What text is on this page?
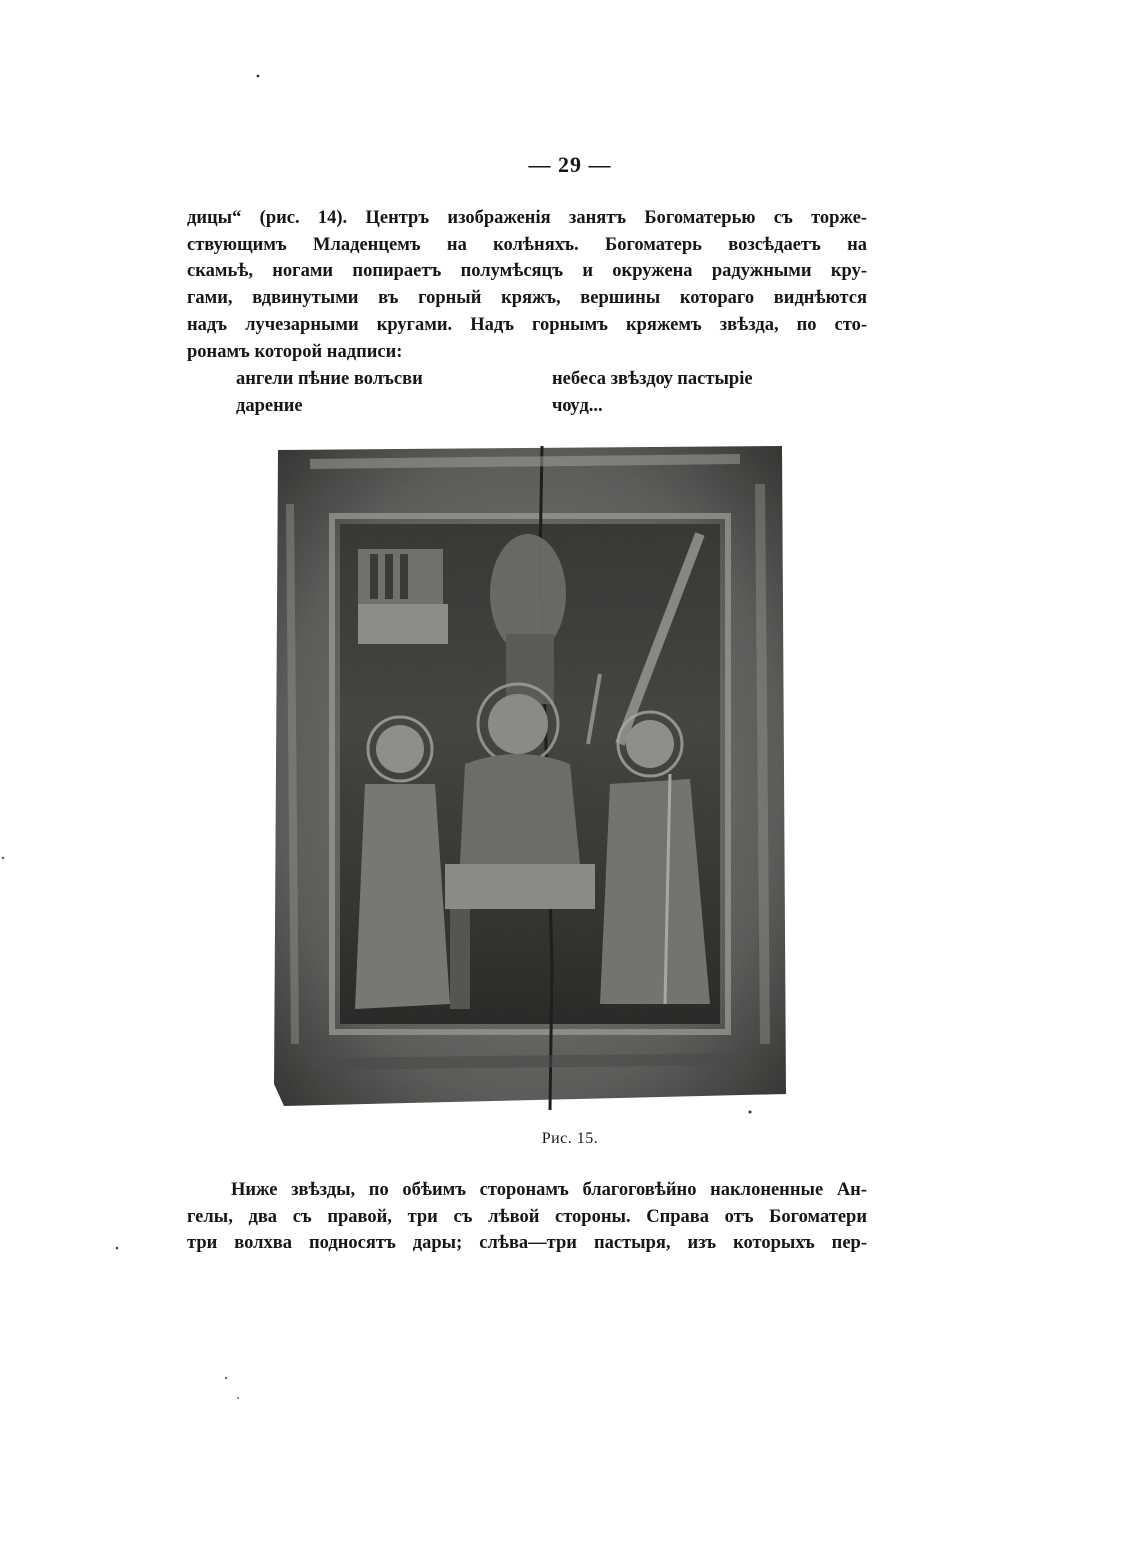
— 29 —

дицы“ (рис. 14). Центръ изображенія занятъ Богоматерью съ торже-
ствующимъ Младенцемъ на колѣняхъ. Богоматерь возсѣдаетъ на
скамьѣ, ногами попираетъ полумѣсяцъ и окружена радужными кру-
гами, вдвинутыми въ горный кряжъ, вершины котораго виднѣются
надъ лучезарными кругами. Надъ горнымъ кряжемъ звѣзда, по сто-
ронамъ которой надписи:

ангели пѣние волъсви
дарение
небеса звѣздѹ пастыріе
чѹд...
Рис. 15.

Ниже звѣзды, по обѣимъ сторонамъ благоговѣйно наклоненные Ан-
гелы, два съ правой, три съ лѣвой стороны. Справа отъ Богоматери
три волхва подносятъ дары; слѣва—три пастыря, изъ которыхъ пер-
